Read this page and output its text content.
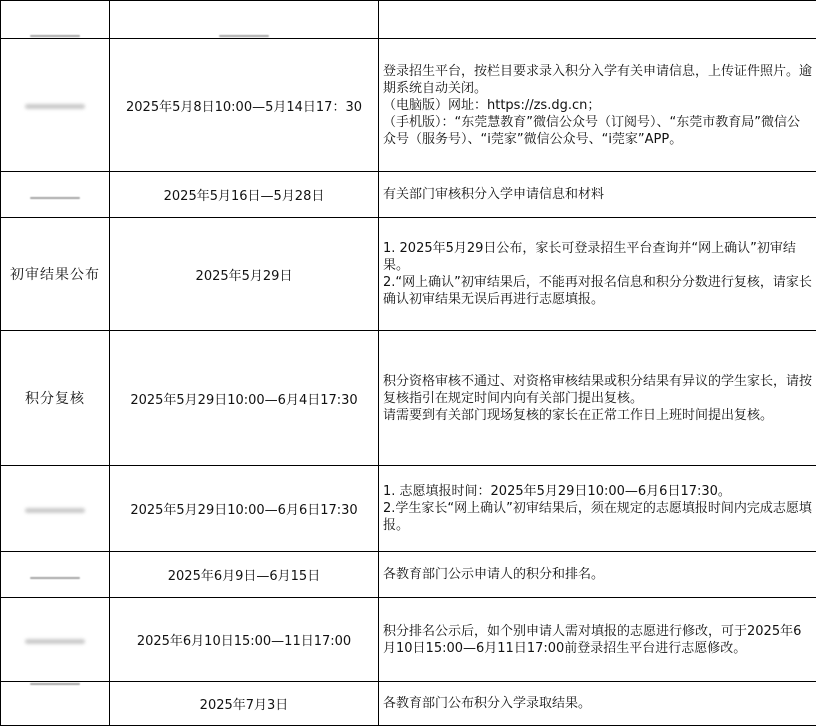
	2025年5月8日10:00—5月14日17：30	登录招生平台，按栏目要求录入积分入学有关申请信息，上传证件照片。逾期系统自动关闭。
（电脑版）网址：https://zs.dg.cn；
（手机版）：“东莞慧教育”微信公众号（订阅号）、“东莞市教育局”微信公众号（服务号）、“i莞家”微信公众号、“i莞家”APP。

	2025年5月16日—5月28日	有关部门审核积分入学申请信息和材料

初审结果公布	2025年5月29日	1. 2025年5月29日公布，家长可登录招生平台查询并“网上确认”初审结果。
2.“网上确认”初审结果后，不能再对报名信息和积分分数进行复核，请家长确认初审结果无误后再进行志愿填报。

积分复核	2025年5月29日10:00—6月4日17:30	积分资格审核不通过、对资格审核结果或积分结果有异议的学生家长，请按复核指引在规定时间内向有关部门提出复核。
请需要到有关部门现场复核的家长在正常工作日上班时间提出复核。

	2025年5月29日10:00—6月6日17:30	1. 志愿填报时间：2025年5月29日10:00—6月6日17:30。
2.学生家长“网上确认”初审结果后，须在规定的志愿填报时间内完成志愿填报。

	2025年6月9日—6月15日	各教育部门公示申请人的积分和排名。

	2025年6月10日15:00—11日17:00	积分排名公示后，如个别申请人需对填报的志愿进行修改，可于2025年6月10日15:00—6月11日17:00前登录招生平台进行志愿修改。

	2025年7月3日	各教育部门公布积分入学录取结果。
